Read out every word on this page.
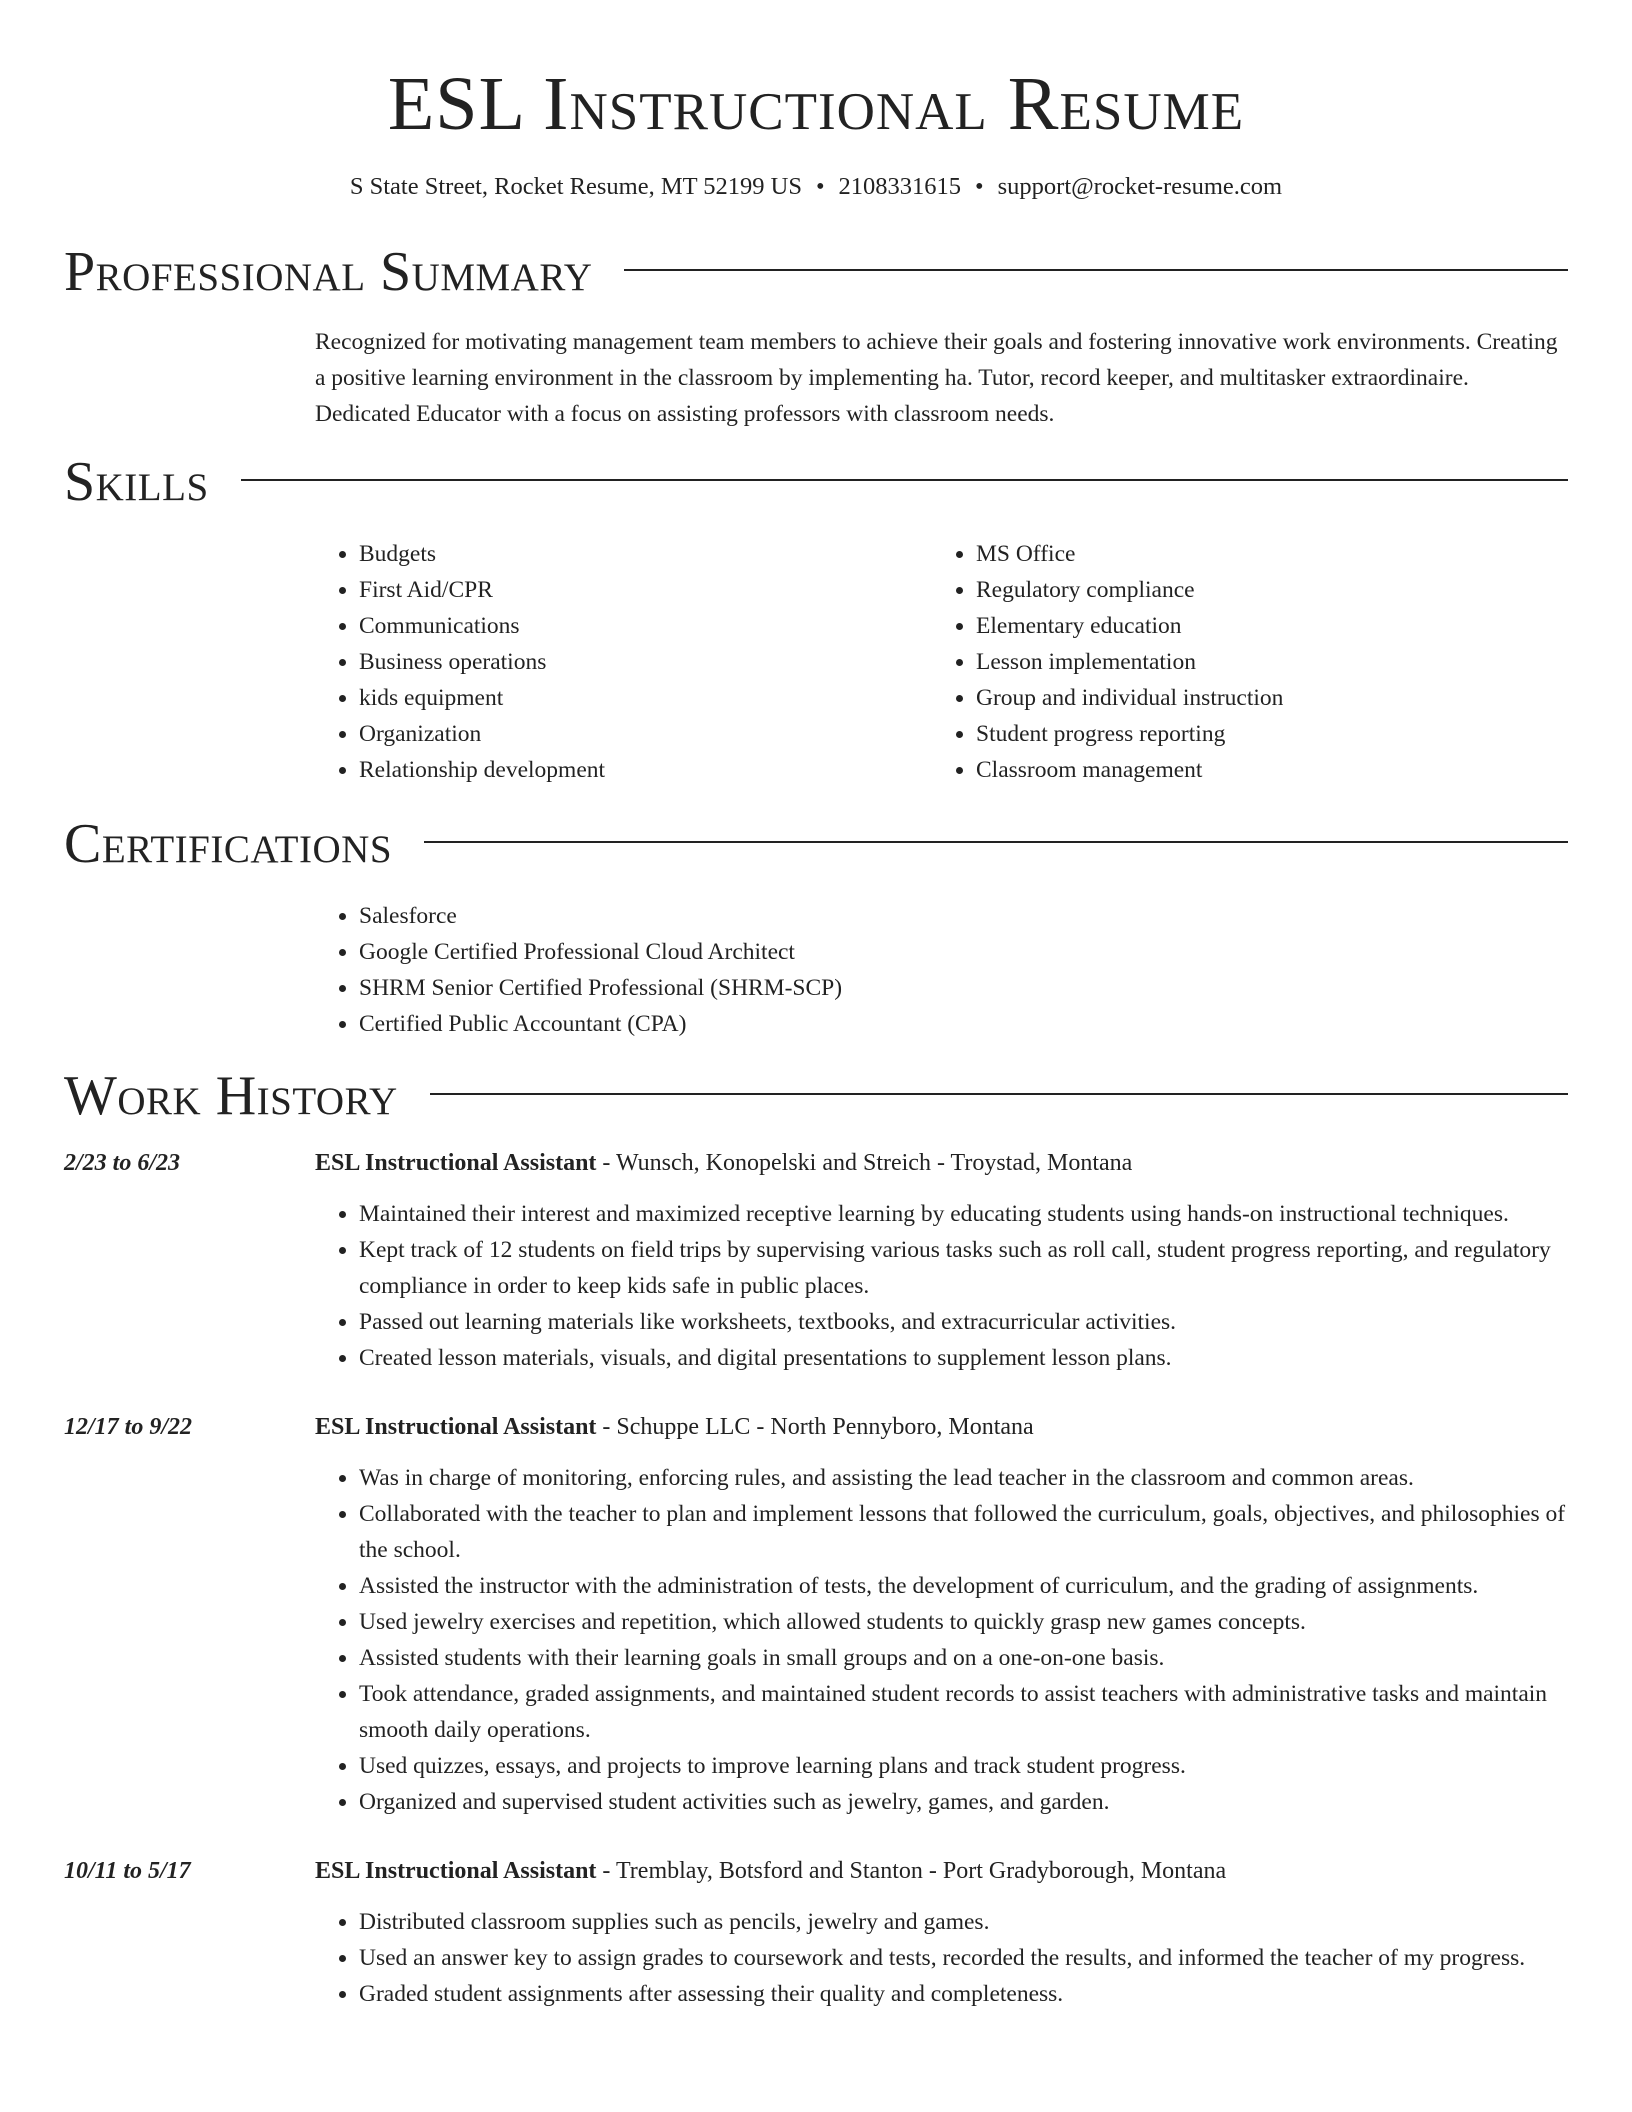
ESL Instructional Resume
S State Street, Rocket Resume, MT 52199 US • 2108331615 • support@rocket-resume.com
Professional Summary

Recognized for motivating management team members to achieve their goals and fostering innovative work environments. Creating a positive learning environment in the classroom by implementing ha. Tutor, record keeper, and multitasker extraordinaire. Dedicated Educator with a focus on assisting professors with classroom needs.

Skills
• Budgets
• First Aid/CPR
• Communications
• Business operations
• kids equipment
• Organization
• Relationship development
• MS Office
• Regulatory compliance
• Elementary education
• Lesson implementation
• Group and individual instruction
• Student progress reporting
• Classroom management
Certifications
• Salesforce
• Google Certified Professional Cloud Architect
• SHRM Senior Certified Professional (SHRM-SCP)
• Certified Public Accountant (CPA)
Work History
2/23 to 6/23	ESL Instructional Assistant - Wunsch, Konopelski and Streich - Troystad, Montana
• Maintained their interest and maximized receptive learning by educating students using hands-on instructional techniques.
• Kept track of 12 students on field trips by supervising various tasks such as roll call, student progress reporting, and regulatory compliance in order to keep kids safe in public places.
• Passed out learning materials like worksheets, textbooks, and extracurricular activities.
• Created lesson materials, visuals, and digital presentations to supplement lesson plans.
12/17 to 9/22	ESL Instructional Assistant - Schuppe LLC - North Pennyboro, Montana
• Was in charge of monitoring, enforcing rules, and assisting the lead teacher in the classroom and common areas.
• Collaborated with the teacher to plan and implement lessons that followed the curriculum, goals, objectives, and philosophies of the school.
• Assisted the instructor with the administration of tests, the development of curriculum, and the grading of assignments.
• Used jewelry exercises and repetition, which allowed students to quickly grasp new games concepts.
• Assisted students with their learning goals in small groups and on a one-on-one basis.
• Took attendance, graded assignments, and maintained student records to assist teachers with administrative tasks and maintain smooth daily operations.
• Used quizzes, essays, and projects to improve learning plans and track student progress.
• Organized and supervised student activities such as jewelry, games, and garden.
10/11 to 5/17	ESL Instructional Assistant - Tremblay, Botsford and Stanton - Port Gradyborough, Montana
• Distributed classroom supplies such as pencils, jewelry and games.
• Used an answer key to assign grades to coursework and tests, recorded the results, and informed the teacher of my progress.
• Graded student assignments after assessing their quality and completeness.
